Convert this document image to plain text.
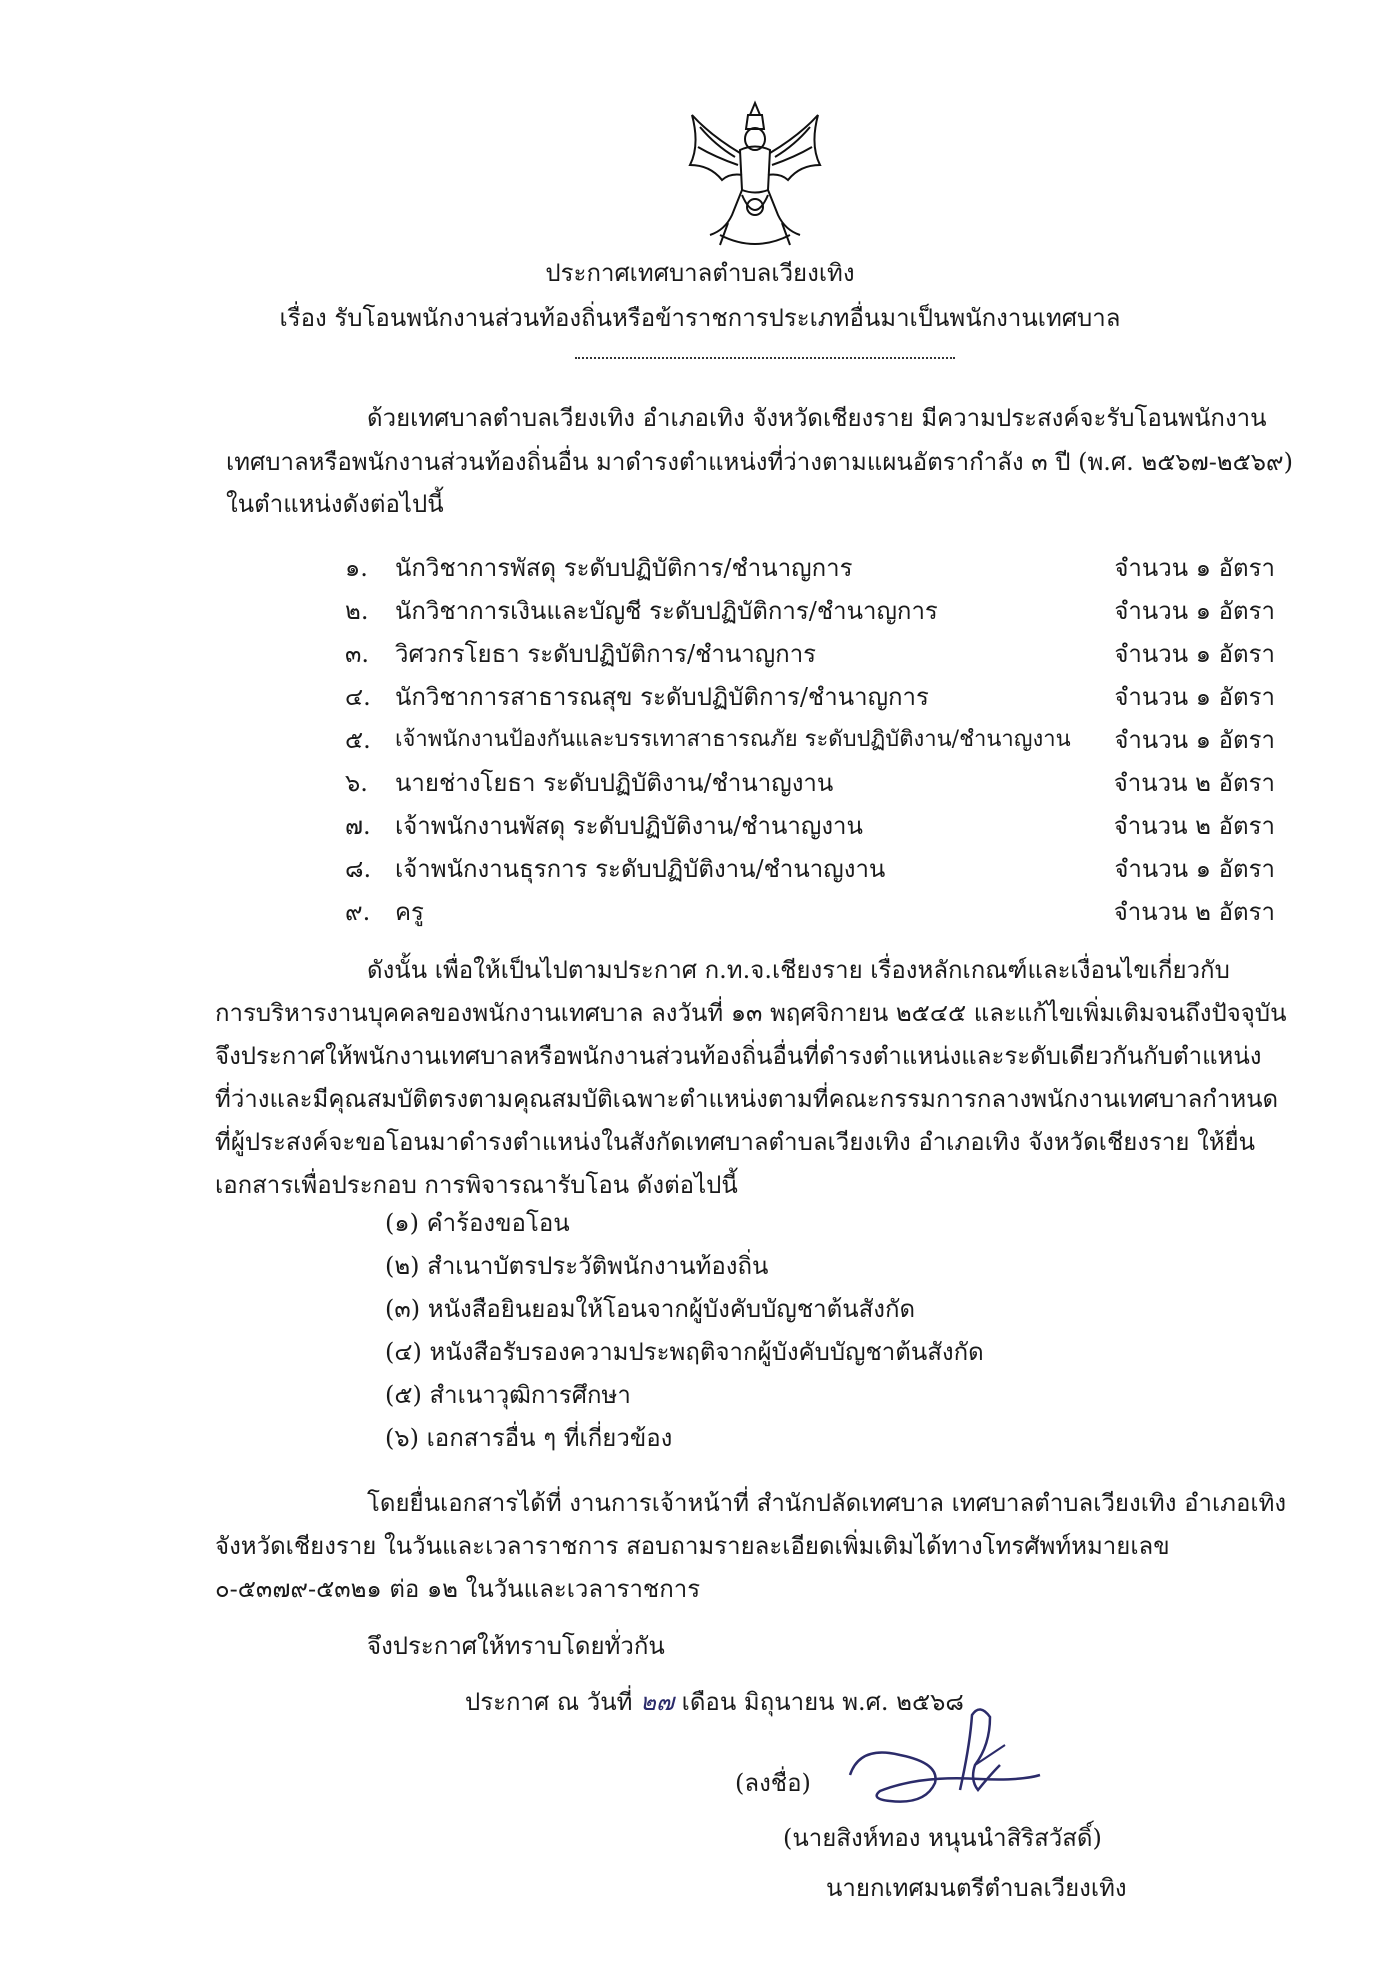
ประกาศเทศบาลตำบลเวียงเทิง
เรื่อง รับโอนพนักงานส่วนท้องถิ่นหรือข้าราชการประเภทอื่นมาเป็นพนักงานเทศบาล
ด้วยเทศบาลตำบลเวียงเทิง อำเภอเทิง จังหวัดเชียงราย มีความประสงค์จะรับโอนพนักงาน
เทศบาลหรือพนักงานส่วนท้องถิ่นอื่น มาดำรงตำแหน่งที่ว่างตามแผนอัตรากำลัง ๓ ปี (พ.ศ. ๒๕๖๗-๒๕๖๙)
ในตำแหน่งดังต่อไปนี้
๑. นักวิชาการพัสดุ ระดับปฏิบัติการ/ชำนาญการ	จำนวน ๑ อัตรา
๒. นักวิชาการเงินและบัญชี ระดับปฏิบัติการ/ชำนาญการ	จำนวน ๑ อัตรา
๓. วิศวกรโยธา ระดับปฏิบัติการ/ชำนาญการ	จำนวน ๑ อัตรา
๔. นักวิชาการสาธารณสุข ระดับปฏิบัติการ/ชำนาญการ	จำนวน ๑ อัตรา
๕. เจ้าพนักงานป้องกันและบรรเทาสาธารณภัย ระดับปฏิบัติงาน/ชำนาญงาน จำนวน ๑ อัตรา
๖. นายช่างโยธา ระดับปฏิบัติงาน/ชำนาญงาน	จำนวน ๒ อัตรา
๗. เจ้าพนักงานพัสดุ ระดับปฏิบัติงาน/ชำนาญงาน	จำนวน ๒ อัตรา
๘. เจ้าพนักงานธุรการ ระดับปฏิบัติงาน/ชำนาญงาน	จำนวน ๑ อัตรา
๙. ครู	จำนวน ๒ อัตรา
ดังนั้น เพื่อให้เป็นไปตามประกาศ ก.ท.จ.เชียงราย เรื่องหลักเกณฑ์และเงื่อนไขเกี่ยวกับ
การบริหารงานบุคคลของพนักงานเทศบาล ลงวันที่ ๑๓ พฤศจิกายน ๒๕๔๕ และแก้ไขเพิ่มเติมจนถึงปัจจุบัน
จึงประกาศให้พนักงานเทศบาลหรือพนักงานส่วนท้องถิ่นอื่นที่ดำรงตำแหน่งและระดับเดียวกันกับตำแหน่ง
ที่ว่างและมีคุณสมบัติตรงตามคุณสมบัติเฉพาะตำแหน่งตามที่คณะกรรมการกลางพนักงานเทศบาลกำหนด
ที่ผู้ประสงค์จะขอโอนมาดำรงตำแหน่งในสังกัดเทศบาลตำบลเวียงเทิง อำเภอเทิง จังหวัดเชียงราย ให้ยื่น
เอกสารเพื่อประกอบ การพิจารณารับโอน ดังต่อไปนี้
(๑) คำร้องขอโอน
(๒) สำเนาบัตรประวัติพนักงานท้องถิ่น
(๓) หนังสือยินยอมให้โอนจากผู้บังคับบัญชาต้นสังกัด
(๔) หนังสือรับรองความประพฤติจากผู้บังคับบัญชาต้นสังกัด
(๕) สำเนาวุฒิการศึกษา
(๖) เอกสารอื่น ๆ ที่เกี่ยวข้อง
โดยยื่นเอกสารได้ที่ งานการเจ้าหน้าที่ สำนักปลัดเทศบาล เทศบาลตำบลเวียงเทิง อำเภอเทิง
จังหวัดเชียงราย ในวันและเวลาราชการ สอบถามรายละเอียดเพิ่มเติมได้ทางโทรศัพท์หมายเลข
๐-๕๓๗๙-๕๓๒๑ ต่อ ๑๒ ในวันและเวลาราชการ
จึงประกาศให้ทราบโดยทั่วกัน
ประกาศ ณ วันที่ ๒๗ เดือน มิถุนายน พ.ศ. ๒๕๖๘
(ลงชื่อ)
(นายสิงห์ทอง หนุนนำสิริสวัสดิ์)
นายกเทศมนตรีตำบลเวียงเทิง
